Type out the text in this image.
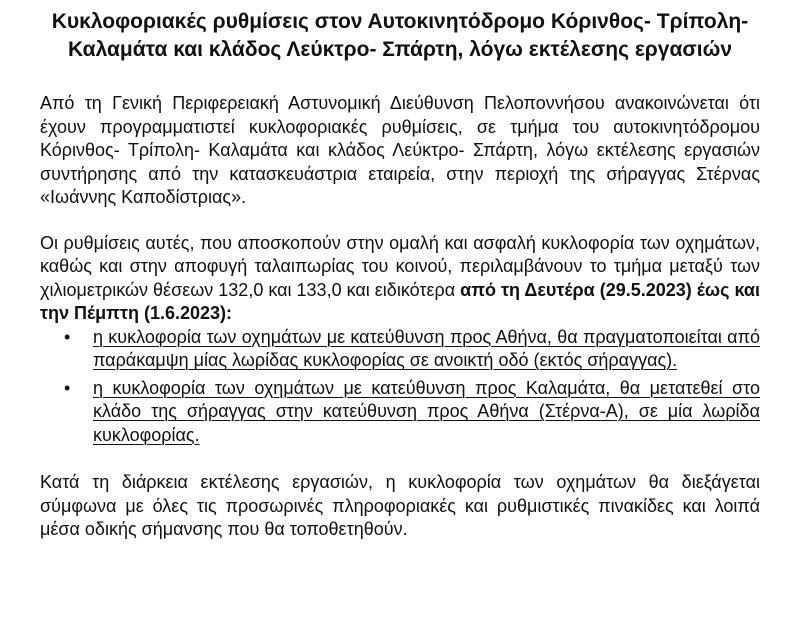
Κυκλοφοριακές ρυθμίσεις στον Αυτοκινητόδρομο Κόρινθος- Τρίπολη- Καλαμάτα και κλάδος Λεύκτρο- Σπάρτη, λόγω εκτέλεσης εργασιών

Από τη Γενική Περιφερειακή Αστυνομική Διεύθυνση Πελοποννήσου ανακοινώνεται ότι έχουν προγραμματιστεί κυκλοφοριακές ρυθμίσεις, σε τμήμα του αυτοκινητόδρομου Κόρινθος- Τρίπολη- Καλαμάτα και κλάδος Λεύκτρο- Σπάρτη, λόγω εκτέλεσης εργασιών συντήρησης από την κατασκευάστρια εταιρεία, στην περιοχή της σήραγγας Στέρνας «Ιωάννης Καποδίστριας».

Οι ρυθμίσεις αυτές, που αποσκοπούν στην ομαλή και ασφαλή κυκλοφορία των οχημάτων, καθώς και στην αποφυγή ταλαιπωρίας του κοινού, περιλαμβάνουν το τμήμα μεταξύ των χιλιομετρικών θέσεων 132,0 και 133,0 και ειδικότερα από τη Δευτέρα (29.5.2023) έως και την Πέμπτη (1.6.2023):

• η κυκλοφορία των οχημάτων με κατεύθυνση προς Αθήνα, θα πραγματοποιείται από παράκαμψη μίας λωρίδας κυκλοφορίας σε ανοικτή οδό (εκτός σήραγγας).
• η κυκλοφορία των οχημάτων με κατεύθυνση προς Καλαμάτα, θα μετατεθεί στο κλάδο της σήραγγας στην κατεύθυνση προς Αθήνα (Στέρνα-Α), σε μία λωρίδα κυκλοφορίας.

Κατά τη διάρκεια εκτέλεσης εργασιών, η κυκλοφορία των οχημάτων θα διεξάγεται σύμφωνα με όλες τις προσωρινές πληροφοριακές και ρυθμιστικές πινακίδες και λοιπά μέσα οδικής σήμανσης που θα τοποθετηθούν.
